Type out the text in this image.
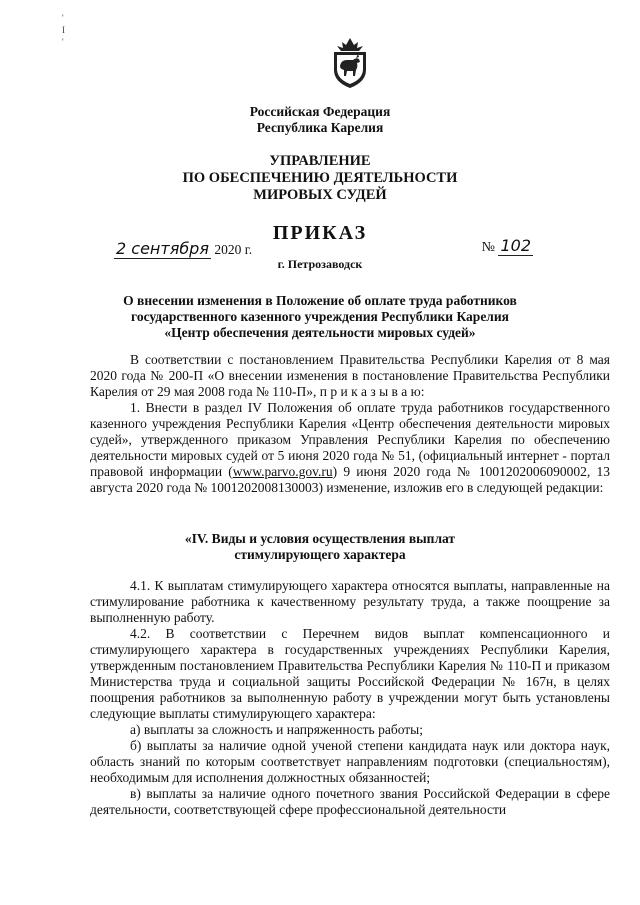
'
I
'
Российская Федерация
Республика Карелия
УПРАВЛЕНИЕ
ПО ОБЕСПЕЧЕНИЮ ДЕЯТЕЛЬНОСТИ
МИРОВЫХ СУДЕЙ
ПРИКАЗ
2 сентября 2020 г.	№ 102
г. Петрозаводск
О внесении изменения в Положение об оплате труда работников
государственного казенного учреждения Республики Карелия
«Центр обеспечения деятельности мировых судей»

В соответствии с постановлением Правительства Республики Карелия от 8 мая 2020 года № 200-П «О внесении изменения в постановление Правительства Республики Карелия от 29 мая 2008 года № 110-П», п р и к а з ы в а ю:

1. Внести в раздел IV Положения об оплате труда работников государственного казенного учреждения Республики Карелия «Центр обеспечения деятельности мировых судей», утвержденного приказом Управления Республики Карелия по обеспечению деятельности мировых судей от 5 июня 2020 года № 51, (официальный интернет - портал правовой информации (www.parvo.gov.ru) 9 июня 2020 года № 1001202006090002, 13 августа 2020 года № 1001202008130003) изменение, изложив его в следующей редакции:

«IV. Виды и условия осуществления выплат
стимулирующего характера

4.1. К выплатам стимулирующего характера относятся выплаты, направленные на стимулирование работника к качественному результату труда, а также поощрение за выполненную работу.

4.2. В соответствии с Перечнем видов выплат компенсационного и стимулирующего характера в государственных учреждениях Республики Карелия, утвержденным постановлением Правительства Республики Карелия № 110-П и приказом Министерства труда и социальной защиты Российской Федерации № 167н, в целях поощрения работников за выполненную работу в учреждении могут быть установлены следующие выплаты стимулирующего характера:

а) выплаты за сложность и напряженность работы;

б) выплаты за наличие одной ученой степени кандидата наук или доктора наук, область знаний по которым соответствует направлениям подготовки (специальностям), необходимым для исполнения должностных обязанностей;

в) выплаты за наличие одного почетного звания Российской Федерации в сфере деятельности, соответствующей сфере профессиональной деятельности
